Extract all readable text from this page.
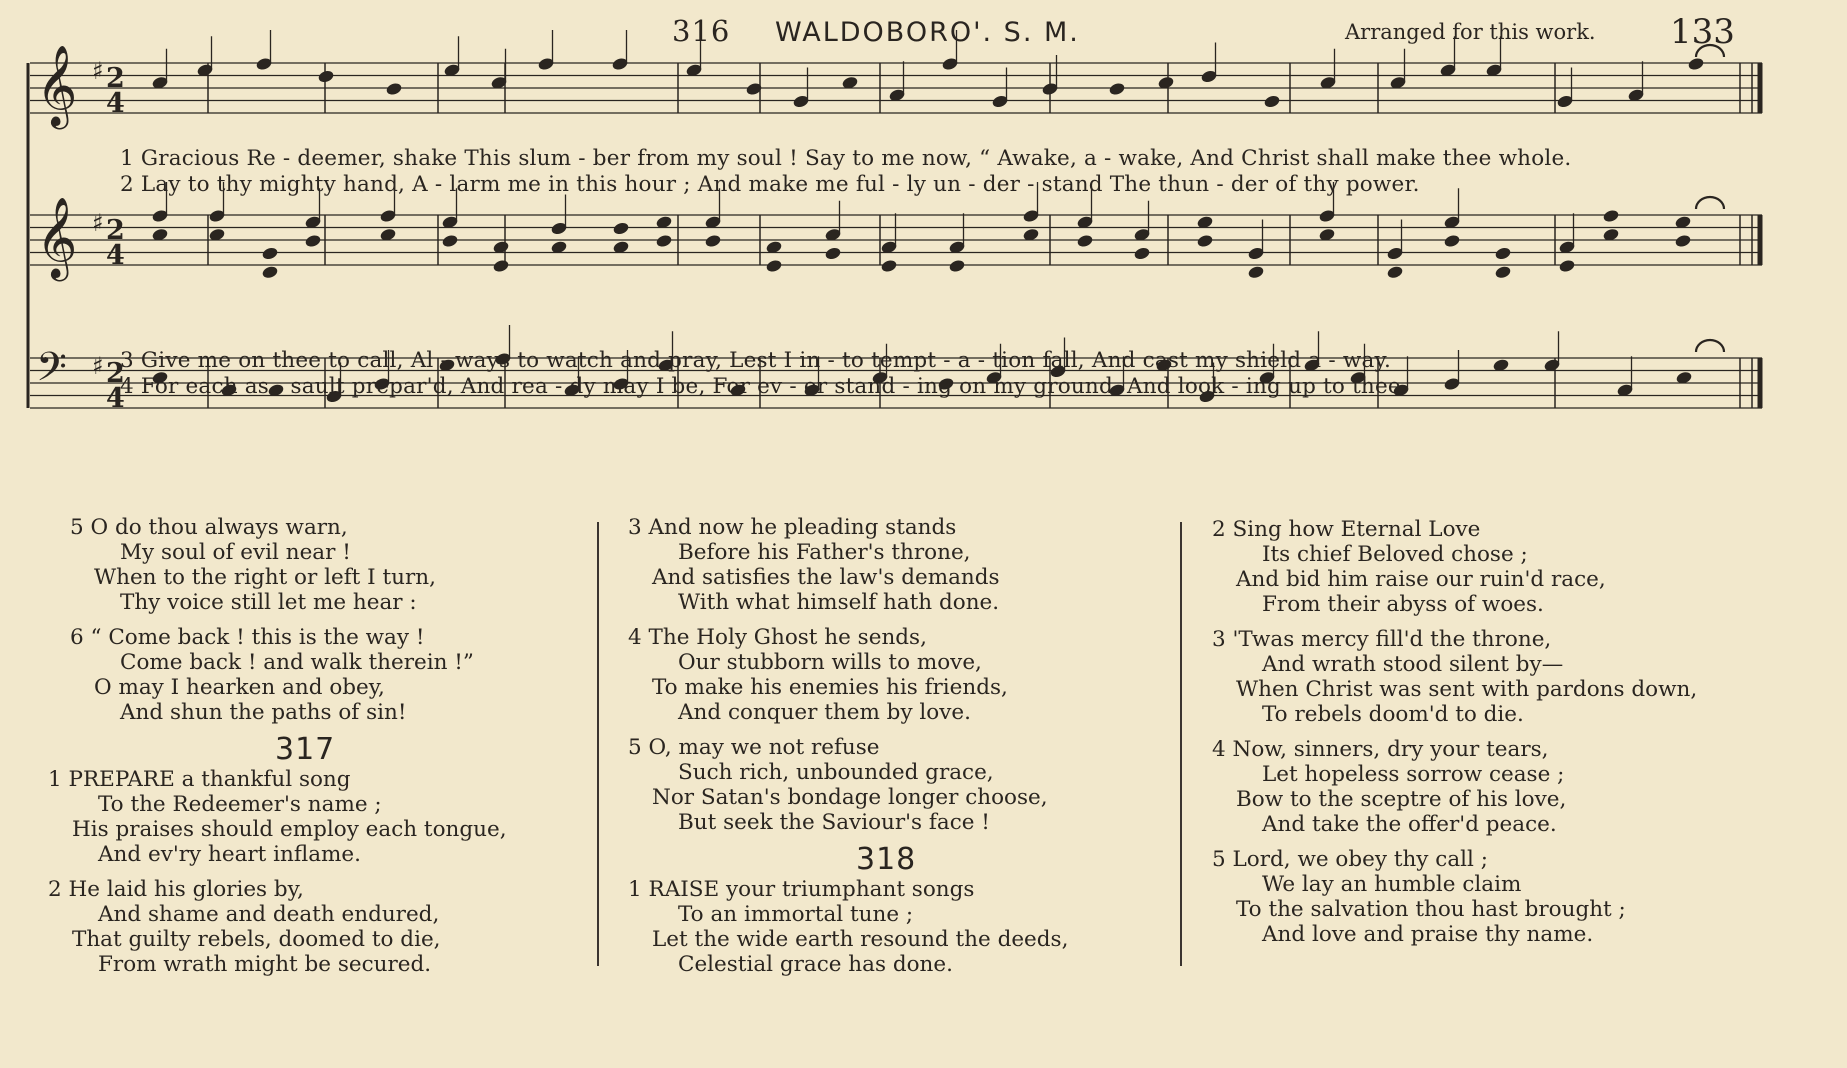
316 WALDOBORO'. S. M.	Arranged for this work. 133
𝄞 ♯ 2
4
𝄞 ♯ 2
4
𝄢 ♯ 2
4
1 Gracious Re - deemer, shake This slum - ber from my soul ! Say to me now, “ Awake, a - wake, And Christ shall make thee whole.
2 Lay to thy mighty hand, A - larm me in this hour ; And make me ful - ly un - der - stand The thun - der of thy power.
3 Give me on thee to call, Al - ways to watch and pray, Lest I in - to tempt - a - tion fall, And cast my shield a - way.
4 For each as - sault prepar'd, And rea - dy may I be, For ev - er stand - ing on my ground, And look - ing up to thee.
5 O do thou always warn,
My soul of evil near !
When to the right or left I turn,
Thy voice still let me hear :
6 “ Come back ! this is the way !
Come back ! and walk therein !”
O may I hearken and obey,
And shun the paths of sin!
317
1 PREPARE a thankful song
To the Redeemer's name ;
His praises should employ each tongue,
And ev'ry heart inflame.
2 He laid his glories by,
And shame and death endured,
That guilty rebels, doomed to die,
From wrath might be secured.
3 And now he pleading stands
Before his Father's throne,
And satisfies the law's demands
With what himself hath done.
4 The Holy Ghost he sends,
Our stubborn wills to move,
To make his enemies his friends,
And conquer them by love.
5 O, may we not refuse
Such rich, unbounded grace,
Nor Satan's bondage longer choose,
But seek the Saviour's face !
318
1 RAISE your triumphant songs
To an immortal tune ;
Let the wide earth resound the deeds,
Celestial grace has done.
2 Sing how Eternal Love
Its chief Beloved chose ;
And bid him raise our ruin'd race,
From their abyss of woes.
3 'Twas mercy fill'd the throne,
And wrath stood silent by—
When Christ was sent with pardons down,
To rebels doom'd to die.
4 Now, sinners, dry your tears,
Let hopeless sorrow cease ;
Bow to the sceptre of his love,
And take the offer'd peace.
5 Lord, we obey thy call ;
We lay an humble claim
To the salvation thou hast brought ;
And love and praise thy name.
